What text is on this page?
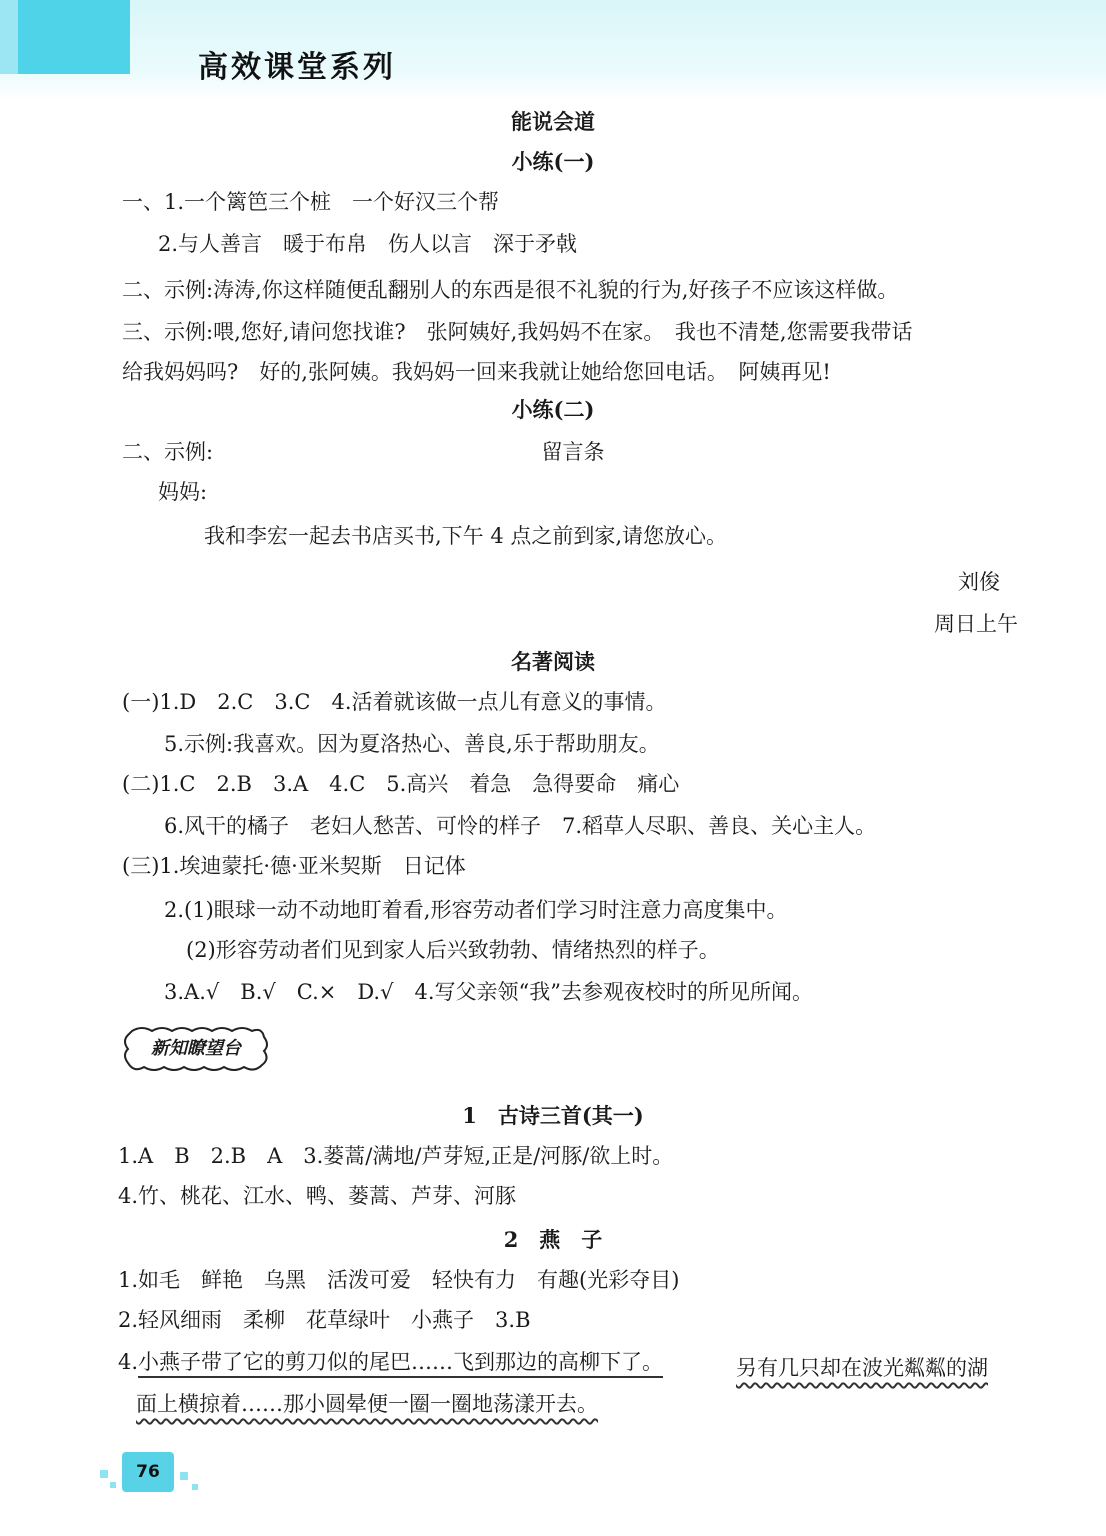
高效课堂系列
能说会道
小练(一)
一、1.一个篱笆三个桩　一个好汉三个帮
2.与人善言　暖于布帛　伤人以言　深于矛戟
二、示例:涛涛,你这样随便乱翻别人的东西是很不礼貌的行为,好孩子不应该这样做。
三、示例:喂,您好,请问您找谁?　张阿姨好,我妈妈不在家。　我也不清楚,您需要我带话
给我妈妈吗?　好的,张阿姨。我妈妈一回来我就让她给您回电话。　阿姨再见!
小练(二)
二、示例:	留言条
妈妈:
我和李宏一起去书店买书,下午 4 点之前到家,请您放心。
刘俊
周日上午
名著阅读
(一)1.D　2.C　3.C　4.活着就该做一点儿有意义的事情。
5.示例:我喜欢。因为夏洛热心、善良,乐于帮助朋友。
(二)1.C　2.B　3.A　4.C　5.高兴　着急　急得要命　痛心
6.风干的橘子　老妇人愁苦、可怜的样子　7.稻草人尽职、善良、关心主人。
(三)1.埃迪蒙托·德·亚米契斯　日记体
2.(1)眼球一动不动地盯着看,形容劳动者们学习时注意力高度集中。
(2)形容劳动者们见到家人后兴致勃勃、情绪热烈的样子。
3.A.√　B.√　C.×　D.√　4.写父亲领“我”去参观夜校时的所见所闻。
新知瞭望台
1　古诗三首(其一)
1.A　B　2.B　A　3.蒌蒿/满地/芦芽短,正是/河豚/欲上时。
4.竹、桃花、江水、鸭、蒌蒿、芦芽、河豚
2　燕　子
1.如毛　鲜艳　乌黑　活泼可爱　轻快有力　有趣(光彩夺目)
2.轻风细雨　柔柳　花草绿叶　小燕子　3.B
4.小燕子带了它的剪刀似的尾巴……飞到那边的高柳下了。	另有几只却在波光粼粼的湖
面上横掠着……那小圆晕便一圈一圈地荡漾开去。
76
